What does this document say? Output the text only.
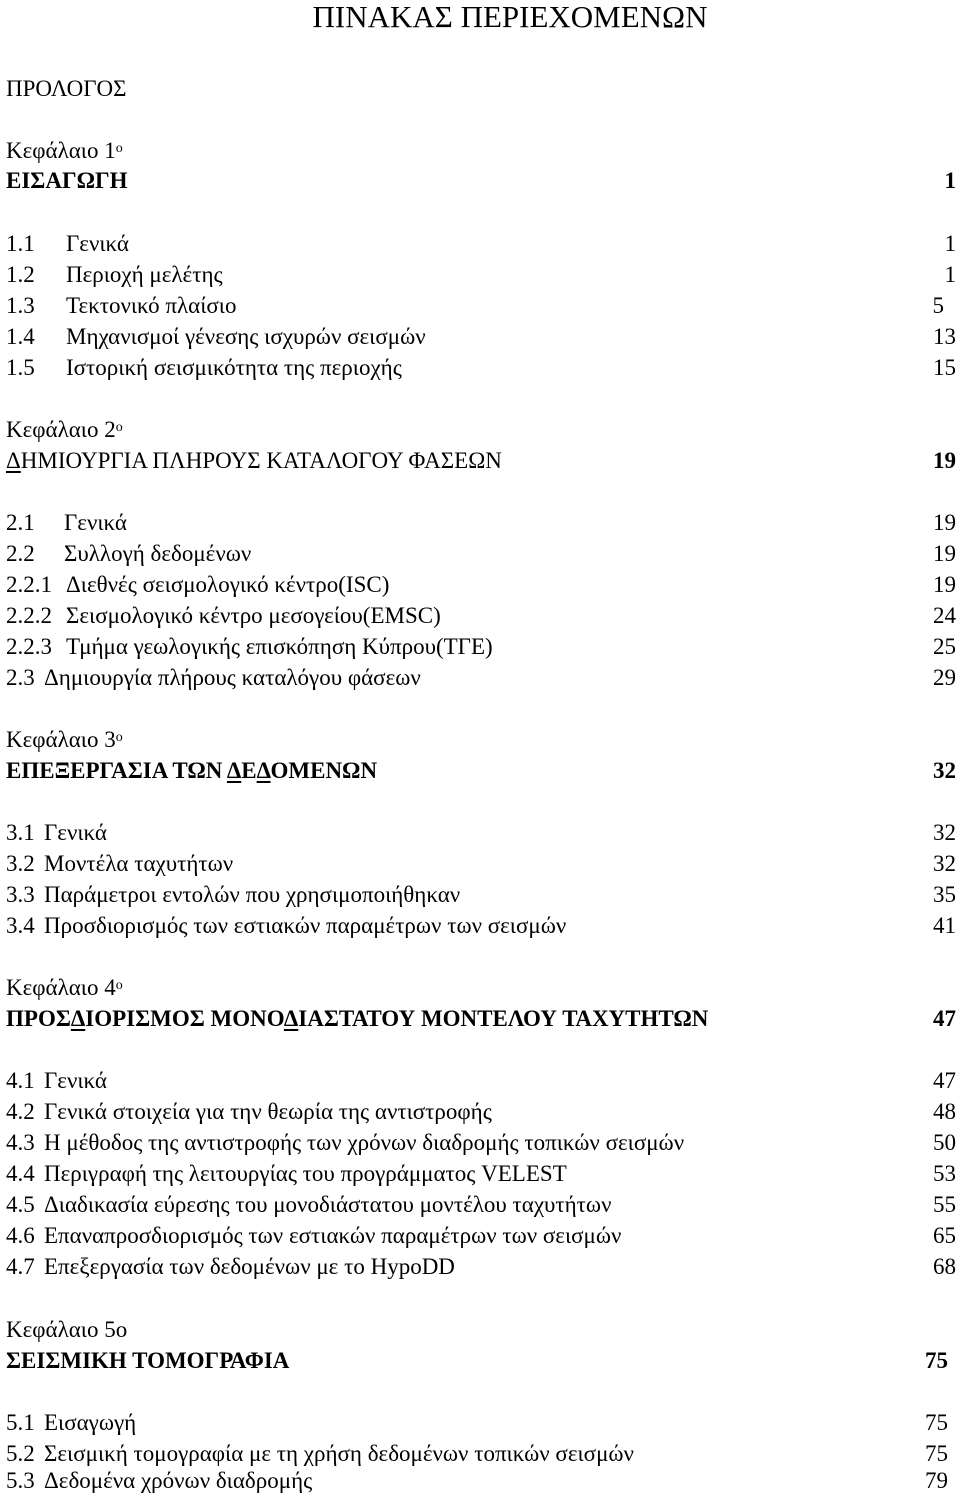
ΠΙΝΑΚΑΣ ΠΕΡΙΕΧΟΜΕΝΩΝ
ΠΡΟΛΟΓΟΣ
Κεφάλαιο $1^o$
ΕΙΣΑΓΩΓΗ	1
1.1 Γενικά	1
1.2 Περιοχή μελέτης	1
1.3 Τεκτονικό πλαίσιο	5
1.4 Μηχανισμοί γένεσης ισχυρών σεισμών	13
1.5 Ιστορική σεισμικότητα της περιοχής	15
Κεφάλαιο $2^o$
ΔΗΜΙΟΥΡΓΙΑ ΠΛΗΡΟΥΣ ΚΑΤΑΛΟΓΟΥ ΦΑΣΕΩΝ	19
2.1 Γενικά	19
2.2 Συλλογή δεδομένων	19
2.2.1 Διεθνές σεισμολογικό κέντρο(ISC)	19
2.2.2 Σεισμολογικό κέντρο μεσογείου(EMSC)	24
2.2.3 Τμήμα γεωλογικής επισκόπηση Κύπρου(ΤΓΕ)	25
2.3 Δημιουργία πλήρους καταλόγου φάσεων	29
Κεφάλαιο $3^o$
ΕΠΕΞΕΡΓΑΣΙΑ ΤΩΝ ΔΕΔΟΜΕΝΩΝ	32
3.1 Γενικά	32
3.2 Μοντέλα ταχυτήτων	32
3.3 Παράμετροι εντολών που χρησιμοποιήθηκαν	35
3.4 Προσδιορισμός των εστιακών παραμέτρων των σεισμών	41
Κεφάλαιο $4^o$
ΠΡΟΣΔΙΟΡΙΣΜΟΣ ΜΟΝΟΔΙΑΣΤΑΤΟΥ ΜΟΝΤΕΛΟΥ ΤΑΧΥΤΗΤΩΝ	47
4.1 Γενικά	47
4.2 Γενικά στοιχεία για την θεωρία της αντιστροφής	48
4.3 Η μέθοδος της αντιστροφής των χρόνων διαδρομής τοπικών σεισμών	50
4.4 Περιγραφή της λειτουργίας του προγράμματος VELEST	53
4.5 Διαδικασία εύρεσης του μονοδιάστατου μοντέλου ταχυτήτων	55
4.6 Επαναπροσδιορισμός των εστιακών παραμέτρων των σεισμών	65
4.7 Επεξεργασία των δεδομένων με το HypoDD	68
Κεφάλαιο 5ο
ΣΕΙΣΜΙΚΗ ΤΟΜΟΓΡΑΦΙΑ	75
5.1 Εισαγωγή	75
5.2 Σεισμική τομογραφία με τη χρήση δεδομένων τοπικών σεισμών	75
5.3 Δεδομένα χρόνων διαδρομής	79
